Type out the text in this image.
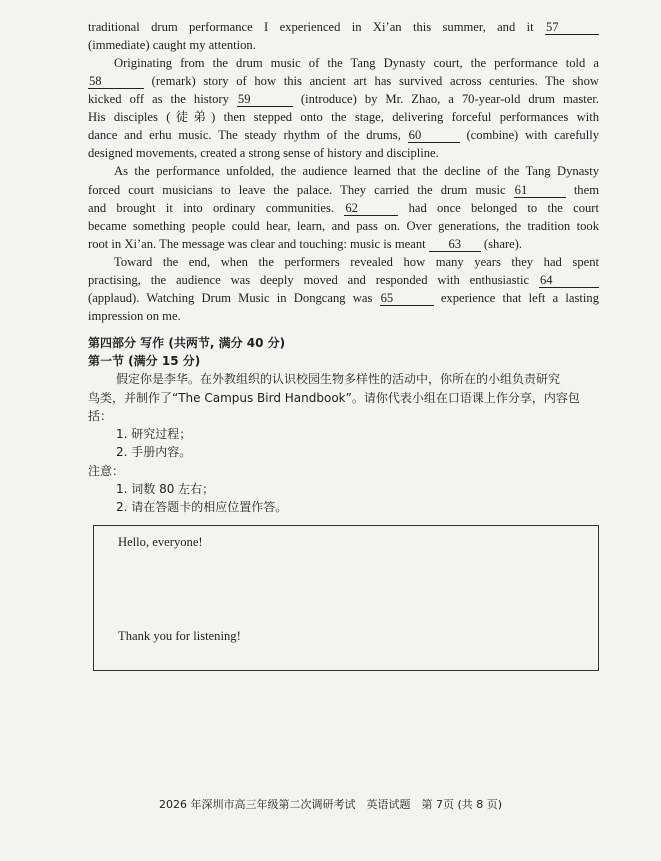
traditional drum performance I experienced in Xi’an this summer, and it 57
(immediate) caught my attention.
Originating from the drum music of the Tang Dynasty court, the performance told a
58	(remark) story of how this ancient art has survived across centuries. The show
kicked off as the history 59	(introduce) by Mr. Zhao, a 70-year-old drum master.
His disciples (徒弟) then stepped onto the stage, delivering forceful performances with
dance and erhu music. The steady rhythm of the drums, 60	(combine) with carefully
designed movements, created a strong sense of history and discipline.
As the performance unfolded, the audience learned that the decline of the Tang Dynasty
forced court musicians to leave the palace. They carried the drum music 61	them
and brought it into ordinary communities. 62	had once belonged to the court
became something people could hear, learn, and pass on. Over generations, the tradition took
root in Xi’an. The message was clear and touching: music is meant 63 (share).
Toward the end, when the performers revealed how many years they had spent
practising, the audience was deeply moved and responded with enthusiastic 64
(applaud). Watching Drum Music in Dongcang was 65	experience that left a lasting
impression on me.
第四部分 写作 (共两节, 满分 40 分)
第一节 (满分 15 分)
假定你是李华。在外教组织的认识校园生物多样性的活动中，你所在的小组负责研究
鸟类，并制作了“The Campus Bird Handbook”。请你代表小组在口语课上作分享，内容包
括：
1. 研究过程；
2. 手册内容。
注意：
1. 词数 80 左右；
2. 请在答题卡的相应位置作答。
Hello, everyone!
Thank you for listening!
2026 年深圳市高三年级第二次调研考试　英语试题　第 7页 (共 8 页)
